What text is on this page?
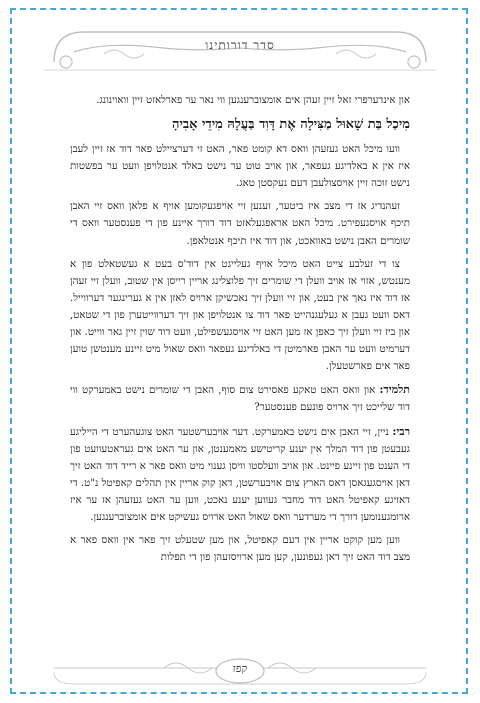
סדר דורותינו

און אינדערפרי זאל זיין זעהן אים אומצוברענגען ווי נאר ער פארלאזט זיין וואוינונג.

מִיכַל בַּת שָׁאוּל מַצִּילָה אֶת דָּוִד בַּעֲלָהּ מִידֵי אָבִיהָ

וועו מיכל האט געזעהן וואס דא קומט פאר, האט זי דערציילט פאר דוד אז זיין לעבן איז אין א באלדיגע געפאר, און אויב טוט ער נישט באלד אנטלויפן וועט ער בפשטות נישט זוכה זיין אויסצולעבן דעם נעקסטן טאג.

זעהנדיג אז די מצב איז ביטער, זענען זיי אויפגעקומען אויף א פלאן וואס זיי האבן תיכף אויסגעפירט. מיכל האט אראפגעלאזט דוד דורך איינע פון די פענסטער וואס די שומרים האבן נישט באוואכט, און דוד איז תיכף אנטלאפן.

צו די זעלבע צייט האט מיכל אויף געלייגט אין דוד'ס בעט א געשטאלט פון א מענטש, אזוי אז אויב וועלן די שומרים זיך פלוצלינג אריין רייסן אין שטוב, וועלן זיי זעהן אז דוד איז נאך אין בעט, און זיי וועלן זיך נאכשיקן ארויס לאזן אין א גערינגער דערווייל. דאס וועט געבן א געלעגנהייט פאר דוד צו אנטלויפן און זיך דערווייטערן פון די שטאט, און ביז זיי וועלן זיך כאפן אז מען האט זיי אויסגעשפילט, וועט דוד שוין זיין גאר ווייט. און דערמיט וועט ער האבן פארמיטן די באלדיגע געפאר וואס שאול מיט זיינע מענטשן טוען פאר אים פארשטעלן.

תלמיד: און וואס האט טאקע פאסירט צום סוף, האבן די שומרים נישט באמערקט ווי דוד שלייכט זיך ארויס פונעם פענסטער?

רבי: ניין, זיי האבן אים נישט באמערקט. דער אויבערשטער האט צוגעהערט די הייליגע געבעטן פון דוד המלך אין יענע קריטישע מאמענטן, און ער האט אים געראטעוועט פון די הענט פון זיינע פיינט. און אויב וועלסטו וויסן גענוי מיט וואס פאר א רייד דוד האט זיך דאן אויסגעגאסן דאס הארץ צום אויבערשטן, דאן קוק אריין אין תהלים קאפיטל נ"ט. די דאזיגע קאפיטל האט דוד מחבר געווען יענע נאכט, ווען ער האט געזעהן אז ער איז ארומגענומען דורך די מערדער וואס שאול האט ארויס געשיקט אים אומצוברענגען.

ווען מען קוקט אריין אין דעם קאפיטל, און מען שטעלט זיך פאר אין וואס פאר א מצב דוד האט זיך דאן געפונען, קען מען ארויסזעהן פון די תפלות

קפז
